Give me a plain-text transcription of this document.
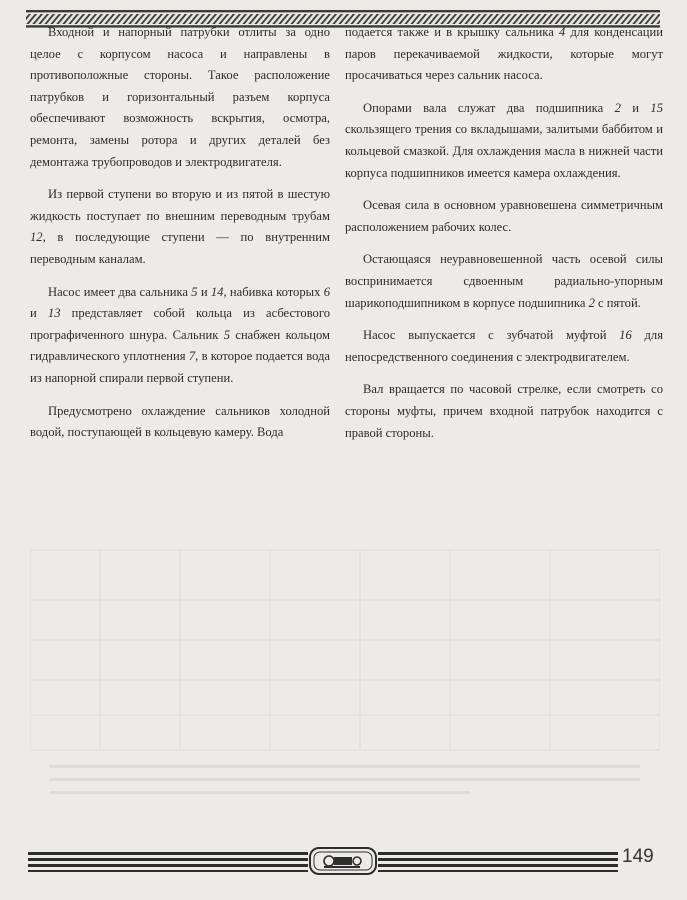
Входной и напорный патрубки отлиты за одно целое с корпусом насоса и направлены в противоположные стороны. Такое расположение патрубков и горизонтальный разъем корпуса обеспечивают возможность вскрытия, осмотра, ремонта, замены ротора и других деталей без демонтажа трубопроводов и электродвигателя.

Из первой ступени во вторую и из пятой в шестую жидкость поступает по внешним переводным трубам 12, в последующие ступени — по внутренним переводным каналам.

Насос имеет два сальника 5 и 14, набивка которых 6 и 13 представляет собой кольца из асбестового прографиченного шнура. Сальник 5 снабжен кольцом гидравлического уплотнения 7, в которое подается вода из напорной спирали первой ступени.

Предусмотрено охлаждение сальников холодной водой, поступающей в кольцевую камеру. Вода

подается также и в крышку сальника 4 для конденсации паров перекачиваемой жидкости, которые могут просачиваться через сальник насоса.

Опорами вала служат два подшипника 2 и 15 скользящего трения со вкладышами, залитыми баббитом и кольцевой смазкой. Для охлаждения масла в нижней части корпуса подшипников имеется камера охлаждения.

Осевая сила в основном уравновешена симметричным расположением рабочих колес.

Остающаяся неуравновешенной часть осевой силы воспринимается сдвоенным радиально-упорным шарикоподшипником в корпусе подшипника 2 с пятой.

Насос выпускается с зубчатой муфтой 16 для непосредственного соединения с электродвигателем.

Вал вращается по часовой стрелке, если смотреть со стороны муфты, причем входной патрубок находится с правой стороны.

149
